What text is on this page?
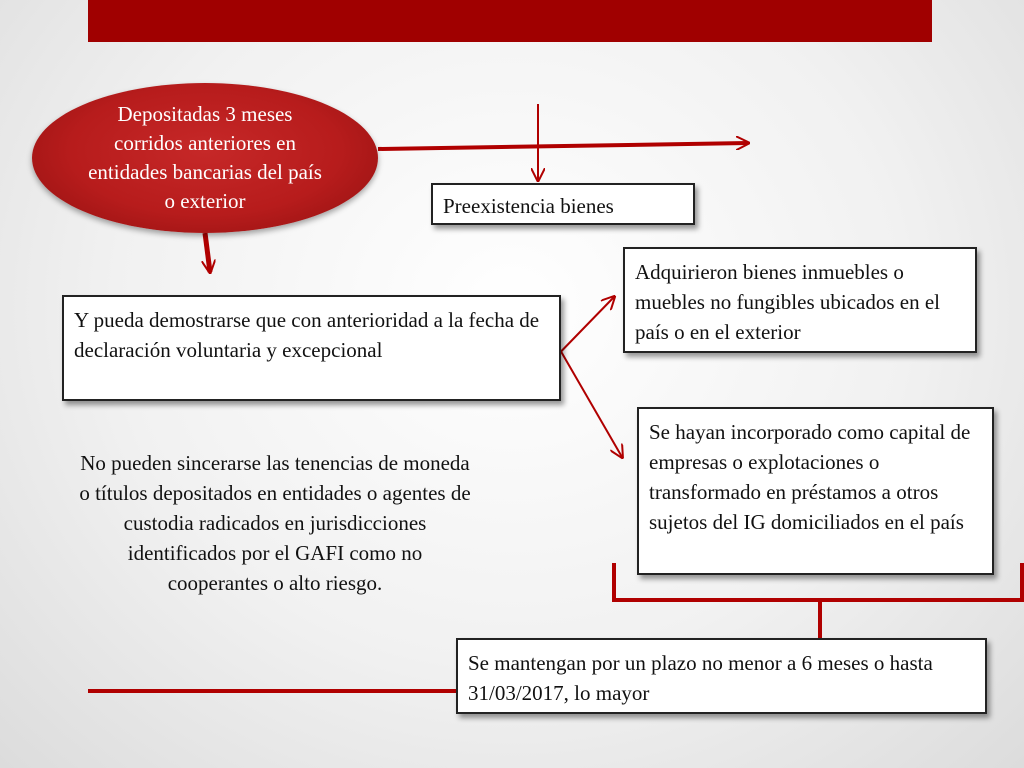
Depositadas 3 meses corridos anteriores en entidades bancarias del país o exterior	Preexistencia bienes
Y pueda demostrarse que con anterioridad a la fecha de declaración voluntaria y excepcional
Adquirieron bienes inmuebles o muebles no fungibles ubicados en el país o en el exterior
Se hayan incorporado como capital de empresas o explotaciones o transformado en préstamos a otros sujetos del IG domiciliados en el país
No pueden sincerarse las tenencias de moneda o títulos depositados en entidades o agentes de custodia radicados en jurisdicciones identificados por el GAFI como no cooperantes o alto riesgo.
Se mantengan por un plazo no menor a 6 meses o hasta 31/03/2017, lo mayor
